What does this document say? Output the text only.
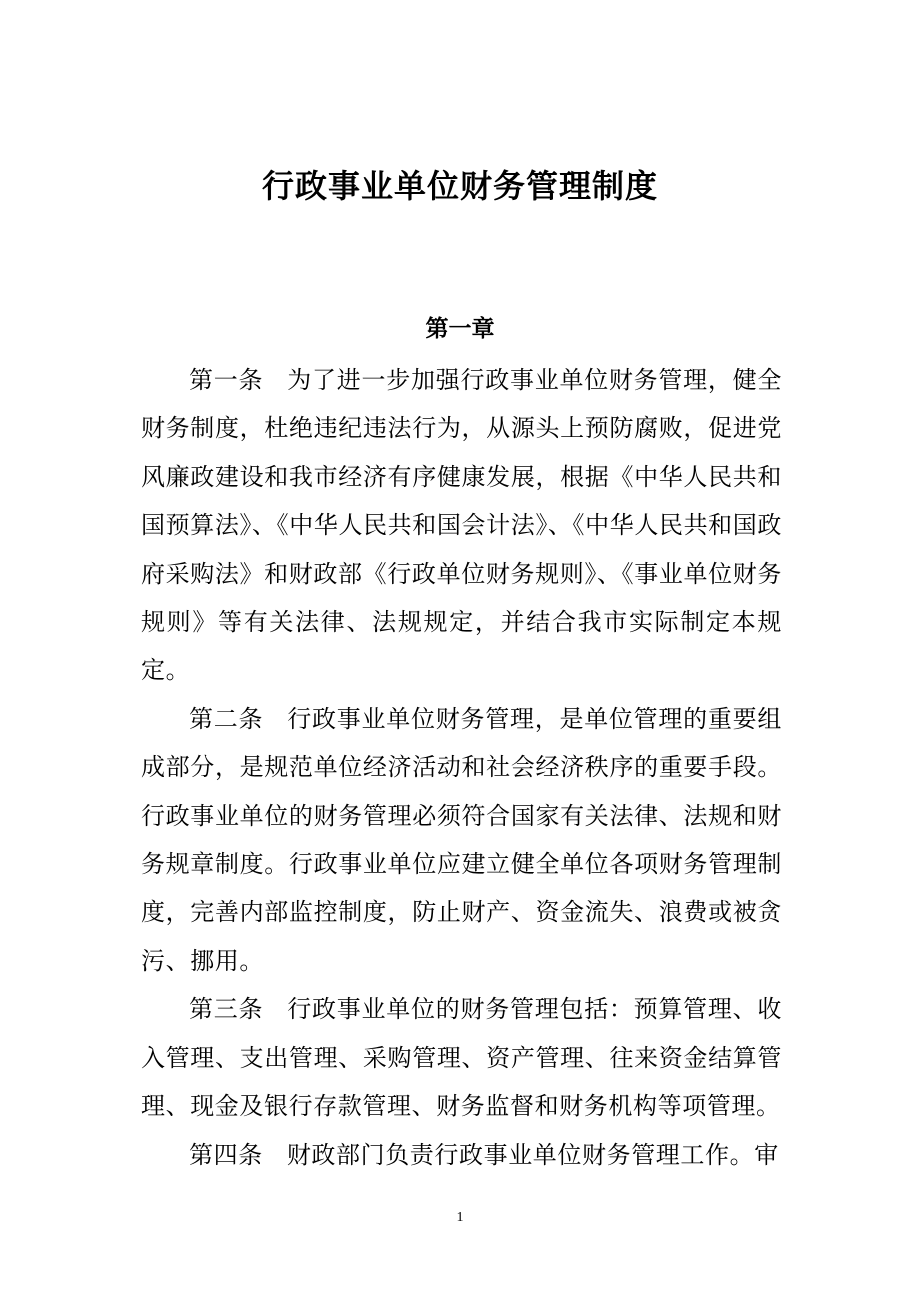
行政事业单位财务管理制度
第一章

第一条 为了进一步加强行政事业单位财务管理，健全财务制度，杜绝违纪违法行为，从源头上预防腐败，促进党风廉政建设和我市经济有序健康发展，根据《中华人民共和国预算法》、《中华人民共和国会计法》、《中华人民共和国政府采购法》和财政部《行政单位财务规则》、《事业单位财务规则》等有关法律、法规规定，并结合我市实际制定本规定。

第二条 行政事业单位财务管理，是单位管理的重要组成部分，是规范单位经济活动和社会经济秩序的重要手段。行政事业单位的财务管理必须符合国家有关法律、法规和财务规章制度。行政事业单位应建立健全单位各项财务管理制度，完善内部监控制度，防止财产、资金流失、浪费或被贪污、挪用。

第三条 行政事业单位的财务管理包括：预算管理、收入管理、支出管理、采购管理、资产管理、往来资金结算管理、现金及银行存款管理、财务监督和财务机构等项管理。

第四条 财政部门负责行政事业单位财务管理工作。审

1
